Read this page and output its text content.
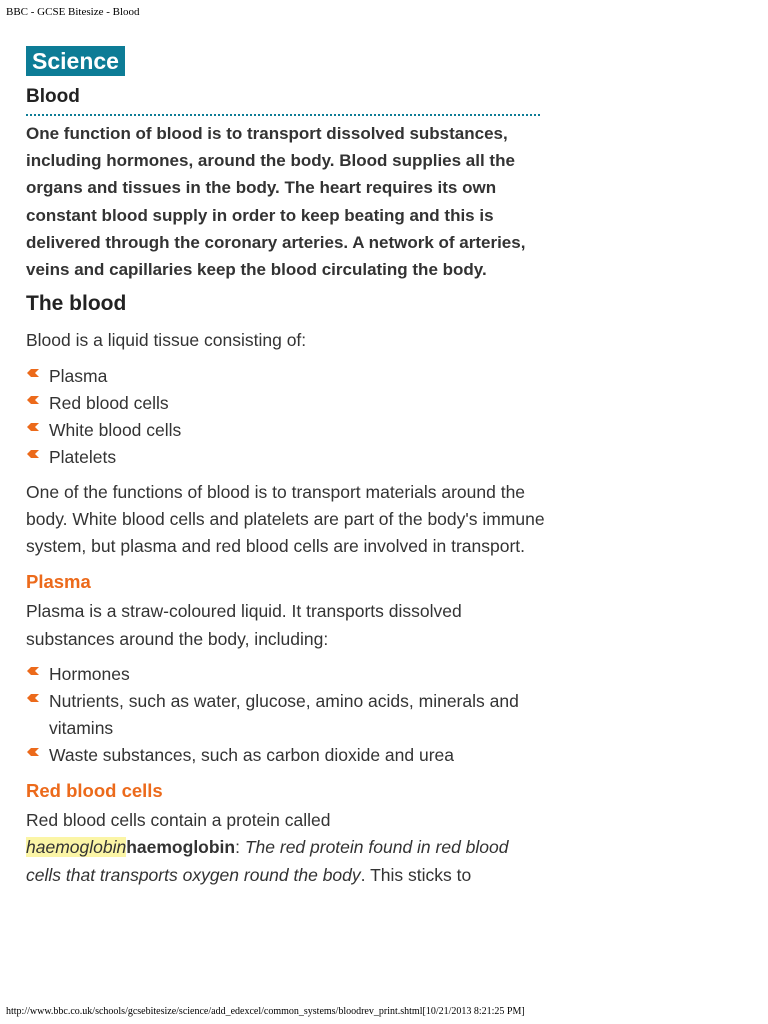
BBC - GCSE Bitesize - Blood
Science
Blood

One function of blood is to transport dissolved substances, including hormones, around the body. Blood supplies all the organs and tissues in the body. The heart requires its own constant blood supply in order to keep beating and this is delivered through the coronary arteries. A network of arteries, veins and capillaries keep the blood circulating the body.

The blood

Blood is a liquid tissue consisting of:

Plasma
Red blood cells
White blood cells
Platelets

One of the functions of blood is to transport materials around the body. White blood cells and platelets are part of the body's immune system, but plasma and red blood cells are involved in transport.

Plasma

Plasma is a straw-coloured liquid. It transports dissolved substances around the body, including:

Hormones
Nutrients, such as water, glucose, amino acids, minerals and vitamins
Waste substances, such as carbon dioxide and urea
Red blood cells

Red blood cells contain a protein called
haemoglobinhaemoglobin: The red protein found in red blood cells that transports oxygen round the body. This sticks to

http://www.bbc.co.uk/schools/gcsebitesize/science/add_edexcel/common_systems/bloodrev_print.shtml[10/21/2013 8:21:25 PM]
